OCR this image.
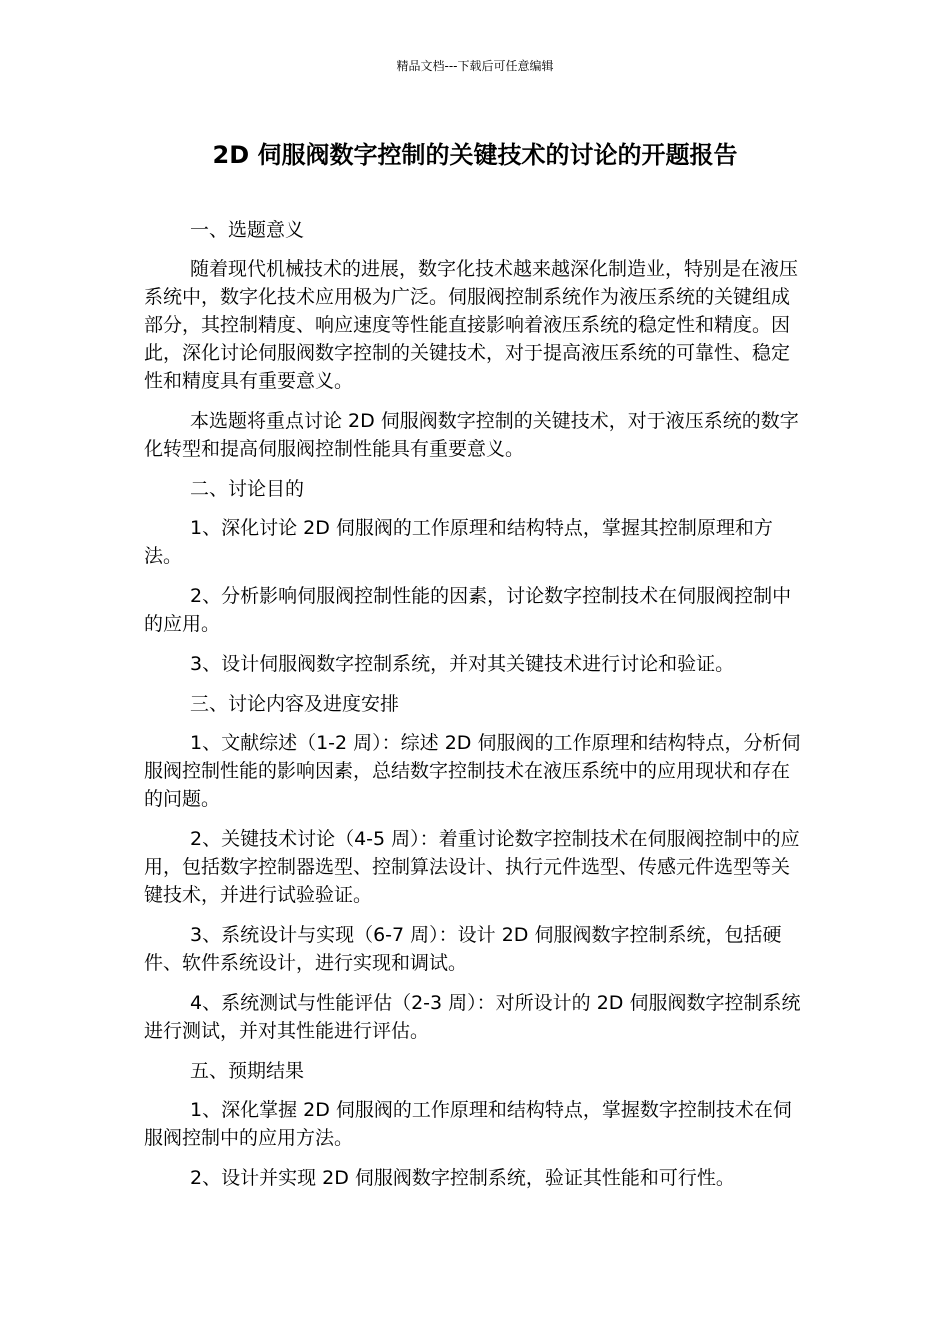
精品文档---下载后可任意编辑
2D 伺服阀数字控制的关键技术的讨论的开题报告

一、选题意义

随着现代机械技术的进展，数字化技术越来越深化制造业，特别是在液压系统中，数字化技术应用极为广泛。伺服阀控制系统作为液压系统的关键组成部分，其控制精度、响应速度等性能直接影响着液压系统的稳定性和精度。因此，深化讨论伺服阀数字控制的关键技术，对于提高液压系统的可靠性、稳定性和精度具有重要意义。

本选题将重点讨论 2D 伺服阀数字控制的关键技术，对于液压系统的数字化转型和提高伺服阀控制性能具有重要意义。

二、讨论目的

1、深化讨论 2D 伺服阀的工作原理和结构特点，掌握其控制原理和方法。

2、分析影响伺服阀控制性能的因素，讨论数字控制技术在伺服阀控制中的应用。

3、设计伺服阀数字控制系统，并对其关键技术进行讨论和验证。

三、讨论内容及进度安排

1、文献综述（1-2 周）：综述 2D 伺服阀的工作原理和结构特点，分析伺服阀控制性能的影响因素，总结数字控制技术在液压系统中的应用现状和存在的问题。

2、关键技术讨论（4-5 周）：着重讨论数字控制技术在伺服阀控制中的应用，包括数字控制器选型、控制算法设计、执行元件选型、传感元件选型等关键技术，并进行试验验证。

3、系统设计与实现（6-7 周）：设计 2D 伺服阀数字控制系统，包括硬件、软件系统设计，进行实现和调试。

4、系统测试与性能评估（2-3 周）：对所设计的 2D 伺服阀数字控制系统进行测试，并对其性能进行评估。

五、预期结果

1、深化掌握 2D 伺服阀的工作原理和结构特点，掌握数字控制技术在伺服阀控制中的应用方法。

2、设计并实现 2D 伺服阀数字控制系统，验证其性能和可行性。
